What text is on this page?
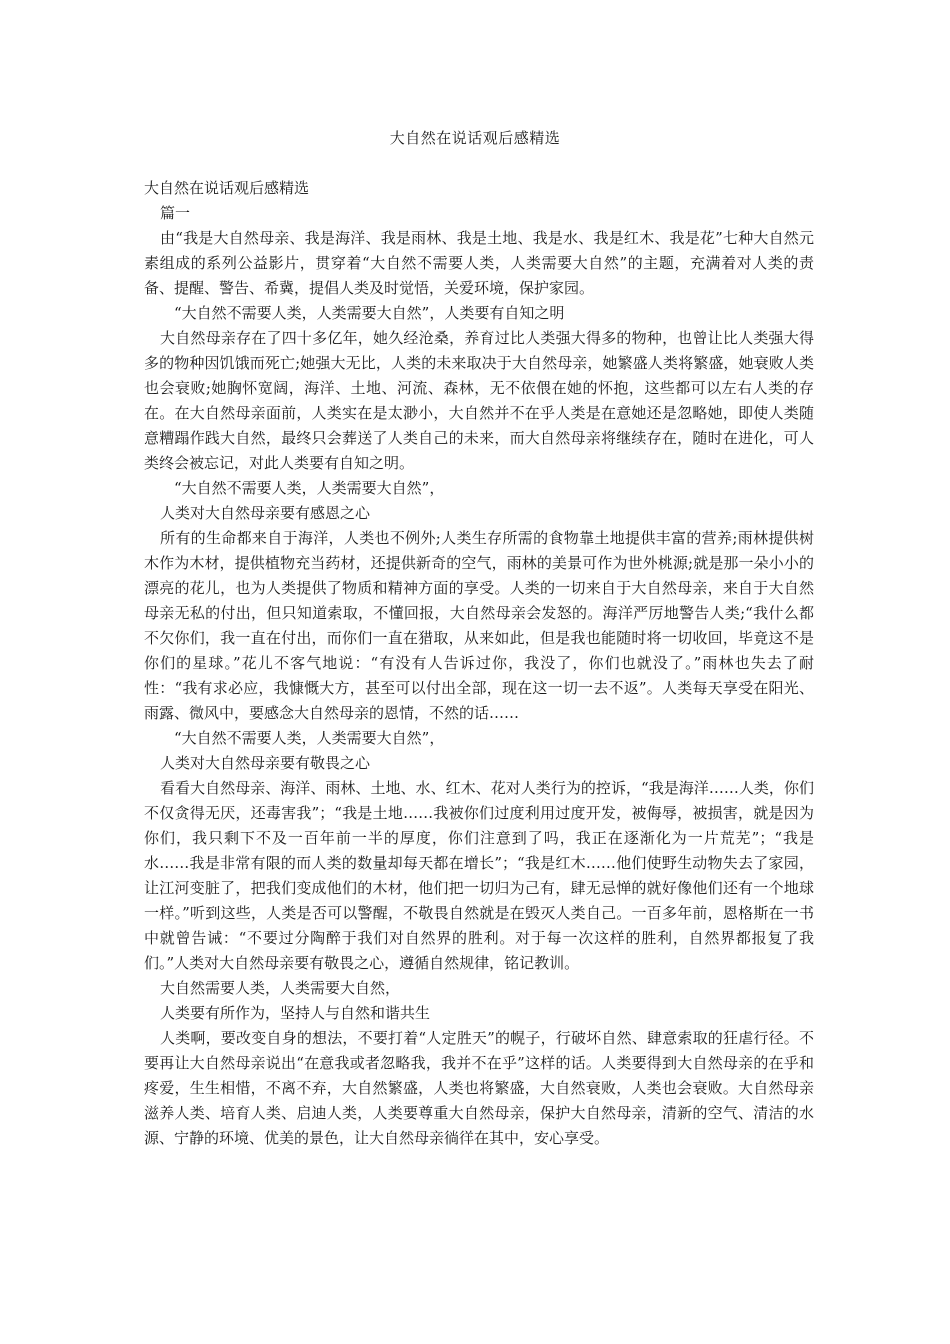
大自然在说话观后感精选

大自然在说话观后感精选

篇一

由“我是大自然母亲、我是海洋、我是雨林、我是土地、我是水、我是红木、我是花”七种大自然元素组成的系列公益影片，贯穿着“大自然不需要人类，人类需要大自然”的主题，充满着对人类的责备、提醒、警告、希冀，提倡人类及时觉悟，关爱环境，保护家园。

“大自然不需要人类，人类需要大自然”，人类要有自知之明

大自然母亲存在了四十多亿年，她久经沧桑，养育过比人类强大得多的物种，也曾让比人类强大得多的物种因饥饿而死亡;她强大无比，人类的未来取决于大自然母亲，她繁盛人类将繁盛，她衰败人类也会衰败;她胸怀宽阔，海洋、土地、河流、森林，无不依偎在她的怀抱，这些都可以左右人类的存在。在大自然母亲面前，人类实在是太渺小，大自然并不在乎人类是在意她还是忽略她，即使人类随意糟蹋作践大自然，最终只会葬送了人类自己的未来，而大自然母亲将继续存在，随时在进化，可人类终会被忘记，对此人类要有自知之明。

“大自然不需要人类，人类需要大自然”，

人类对大自然母亲要有感恩之心

所有的生命都来自于海洋，人类也不例外;人类生存所需的食物靠土地提供丰富的营养;雨林提供树木作为木材，提供植物充当药材，还提供新奇的空气，雨林的美景可作为世外桃源;就是那一朵小小的漂亮的花儿，也为人类提供了物质和精神方面的享受。人类的一切来自于大自然母亲，来自于大自然母亲无私的付出，但只知道索取，不懂回报，大自然母亲会发怒的。海洋严厉地警告人类;“我什么都不欠你们，我一直在付出，而你们一直在猎取，从来如此，但是我也能随时将一切收回，毕竟这不是你们的星球。”花儿不客气地说：“有没有人告诉过你，我没了，你们也就没了。”雨林也失去了耐性：“我有求必应，我慷慨大方，甚至可以付出全部，现在这一切一去不返”。人类每天享受在阳光、雨露、微风中，要感念大自然母亲的恩情，不然的话……

“大自然不需要人类，人类需要大自然”，

人类对大自然母亲要有敬畏之心

看看大自然母亲、海洋、雨林、土地、水、红木、花对人类行为的控诉，“我是海洋……人类，你们不仅贪得无厌，还毒害我”；“我是土地……我被你们过度利用过度开发，被侮辱，被损害，就是因为你们，我只剩下不及一百年前一半的厚度，你们注意到了吗，我正在逐渐化为一片荒芜”；“我是水……我是非常有限的而人类的数量却每天都在增长”；“我是红木……他们使野生动物失去了家园，让江河变脏了，把我们变成他们的木材，他们把一切归为己有，肆无忌惮的就好像他们还有一个地球一样。”听到这些，人类是否可以警醒，不敬畏自然就是在毁灭人类自己。一百多年前，恩格斯在一书中就曾告诫：“不要过分陶醉于我们对自然界的胜利。对于每一次这样的胜利，自然界都报复了我们。”人类对大自然母亲要有敬畏之心，遵循自然规律，铭记教训。

大自然需要人类，人类需要大自然，

人类要有所作为，坚持人与自然和谐共生

人类啊，要改变自身的想法，不要打着“人定胜天”的幌子，行破坏自然、肆意索取的狂虐行径。不要再让大自然母亲说出“在意我或者忽略我，我并不在乎”这样的话。人类要得到大自然母亲的在乎和疼爱，生生相惜，不离不弃，大自然繁盛，人类也将繁盛，大自然衰败，人类也会衰败。大自然母亲滋养人类、培育人类、启迪人类，人类要尊重大自然母亲，保护大自然母亲，清新的空气、清洁的水源、宁静的环境、优美的景色，让大自然母亲徜徉在其中，安心享受。
